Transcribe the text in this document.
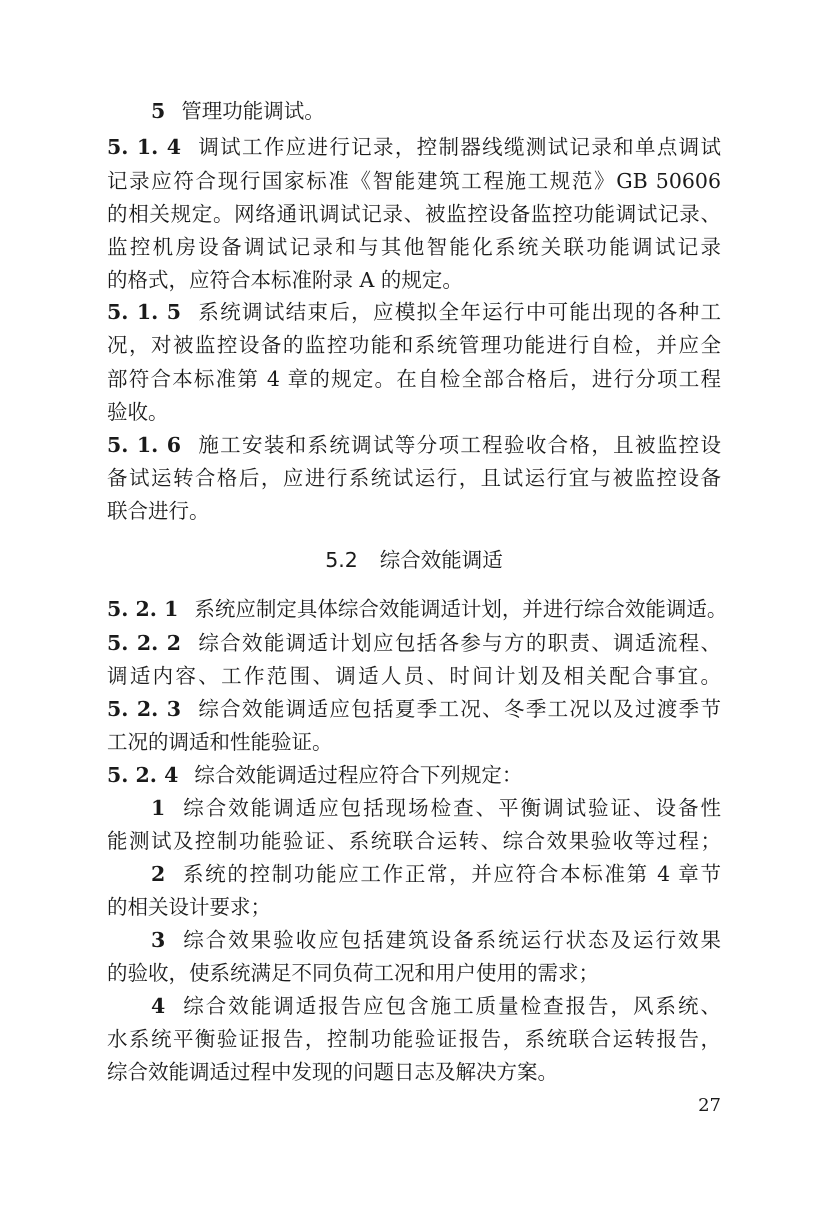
5 管理功能调试。
5. 1. 4 调试工作应进行记录，控制器线缆测试记录和单点调试
记录应符合现行国家标准《智能建筑工程施工规范》GB 50606
的相关规定。网络通讯调试记录、被监控设备监控功能调试记录、
监控机房设备调试记录和与其他智能化系统关联功能调试记录
的格式，应符合本标准附录 A 的规定。
5. 1. 5 系统调试结束后，应模拟全年运行中可能出现的各种工
况，对被监控设备的监控功能和系统管理功能进行自检，并应全
部符合本标准第 4 章的规定。在自检全部合格后，进行分项工程
验收。
5. 1. 6 施工安装和系统调试等分项工程验收合格，且被监控设
备试运转合格后，应进行系统试运行，且试运行宜与被监控设备
联合进行。
5.2 综合效能调适
5. 2. 1 系统应制定具体综合效能调适计划，并进行综合效能调适。
5. 2. 2 综合效能调适计划应包括各参与方的职责、调适流程、
调适内容、工作范围、调适人员、时间计划及相关配合事宜。
5. 2. 3 综合效能调适应包括夏季工况、冬季工况以及过渡季节
工况的调适和性能验证。
5. 2. 4 综合效能调适过程应符合下列规定：
1 综合效能调适应包括现场检查、平衡调试验证、设备性
能测试及控制功能验证、系统联合运转、综合效果验收等过程；
2 系统的控制功能应工作正常，并应符合本标准第 4 章节
的相关设计要求；
3 综合效果验收应包括建筑设备系统运行状态及运行效果
的验收，使系统满足不同负荷工况和用户使用的需求；
4 综合效能调适报告应包含施工质量检查报告，风系统、
水系统平衡验证报告，控制功能验证报告，系统联合运转报告，
综合效能调适过程中发现的问题日志及解决方案。
27
